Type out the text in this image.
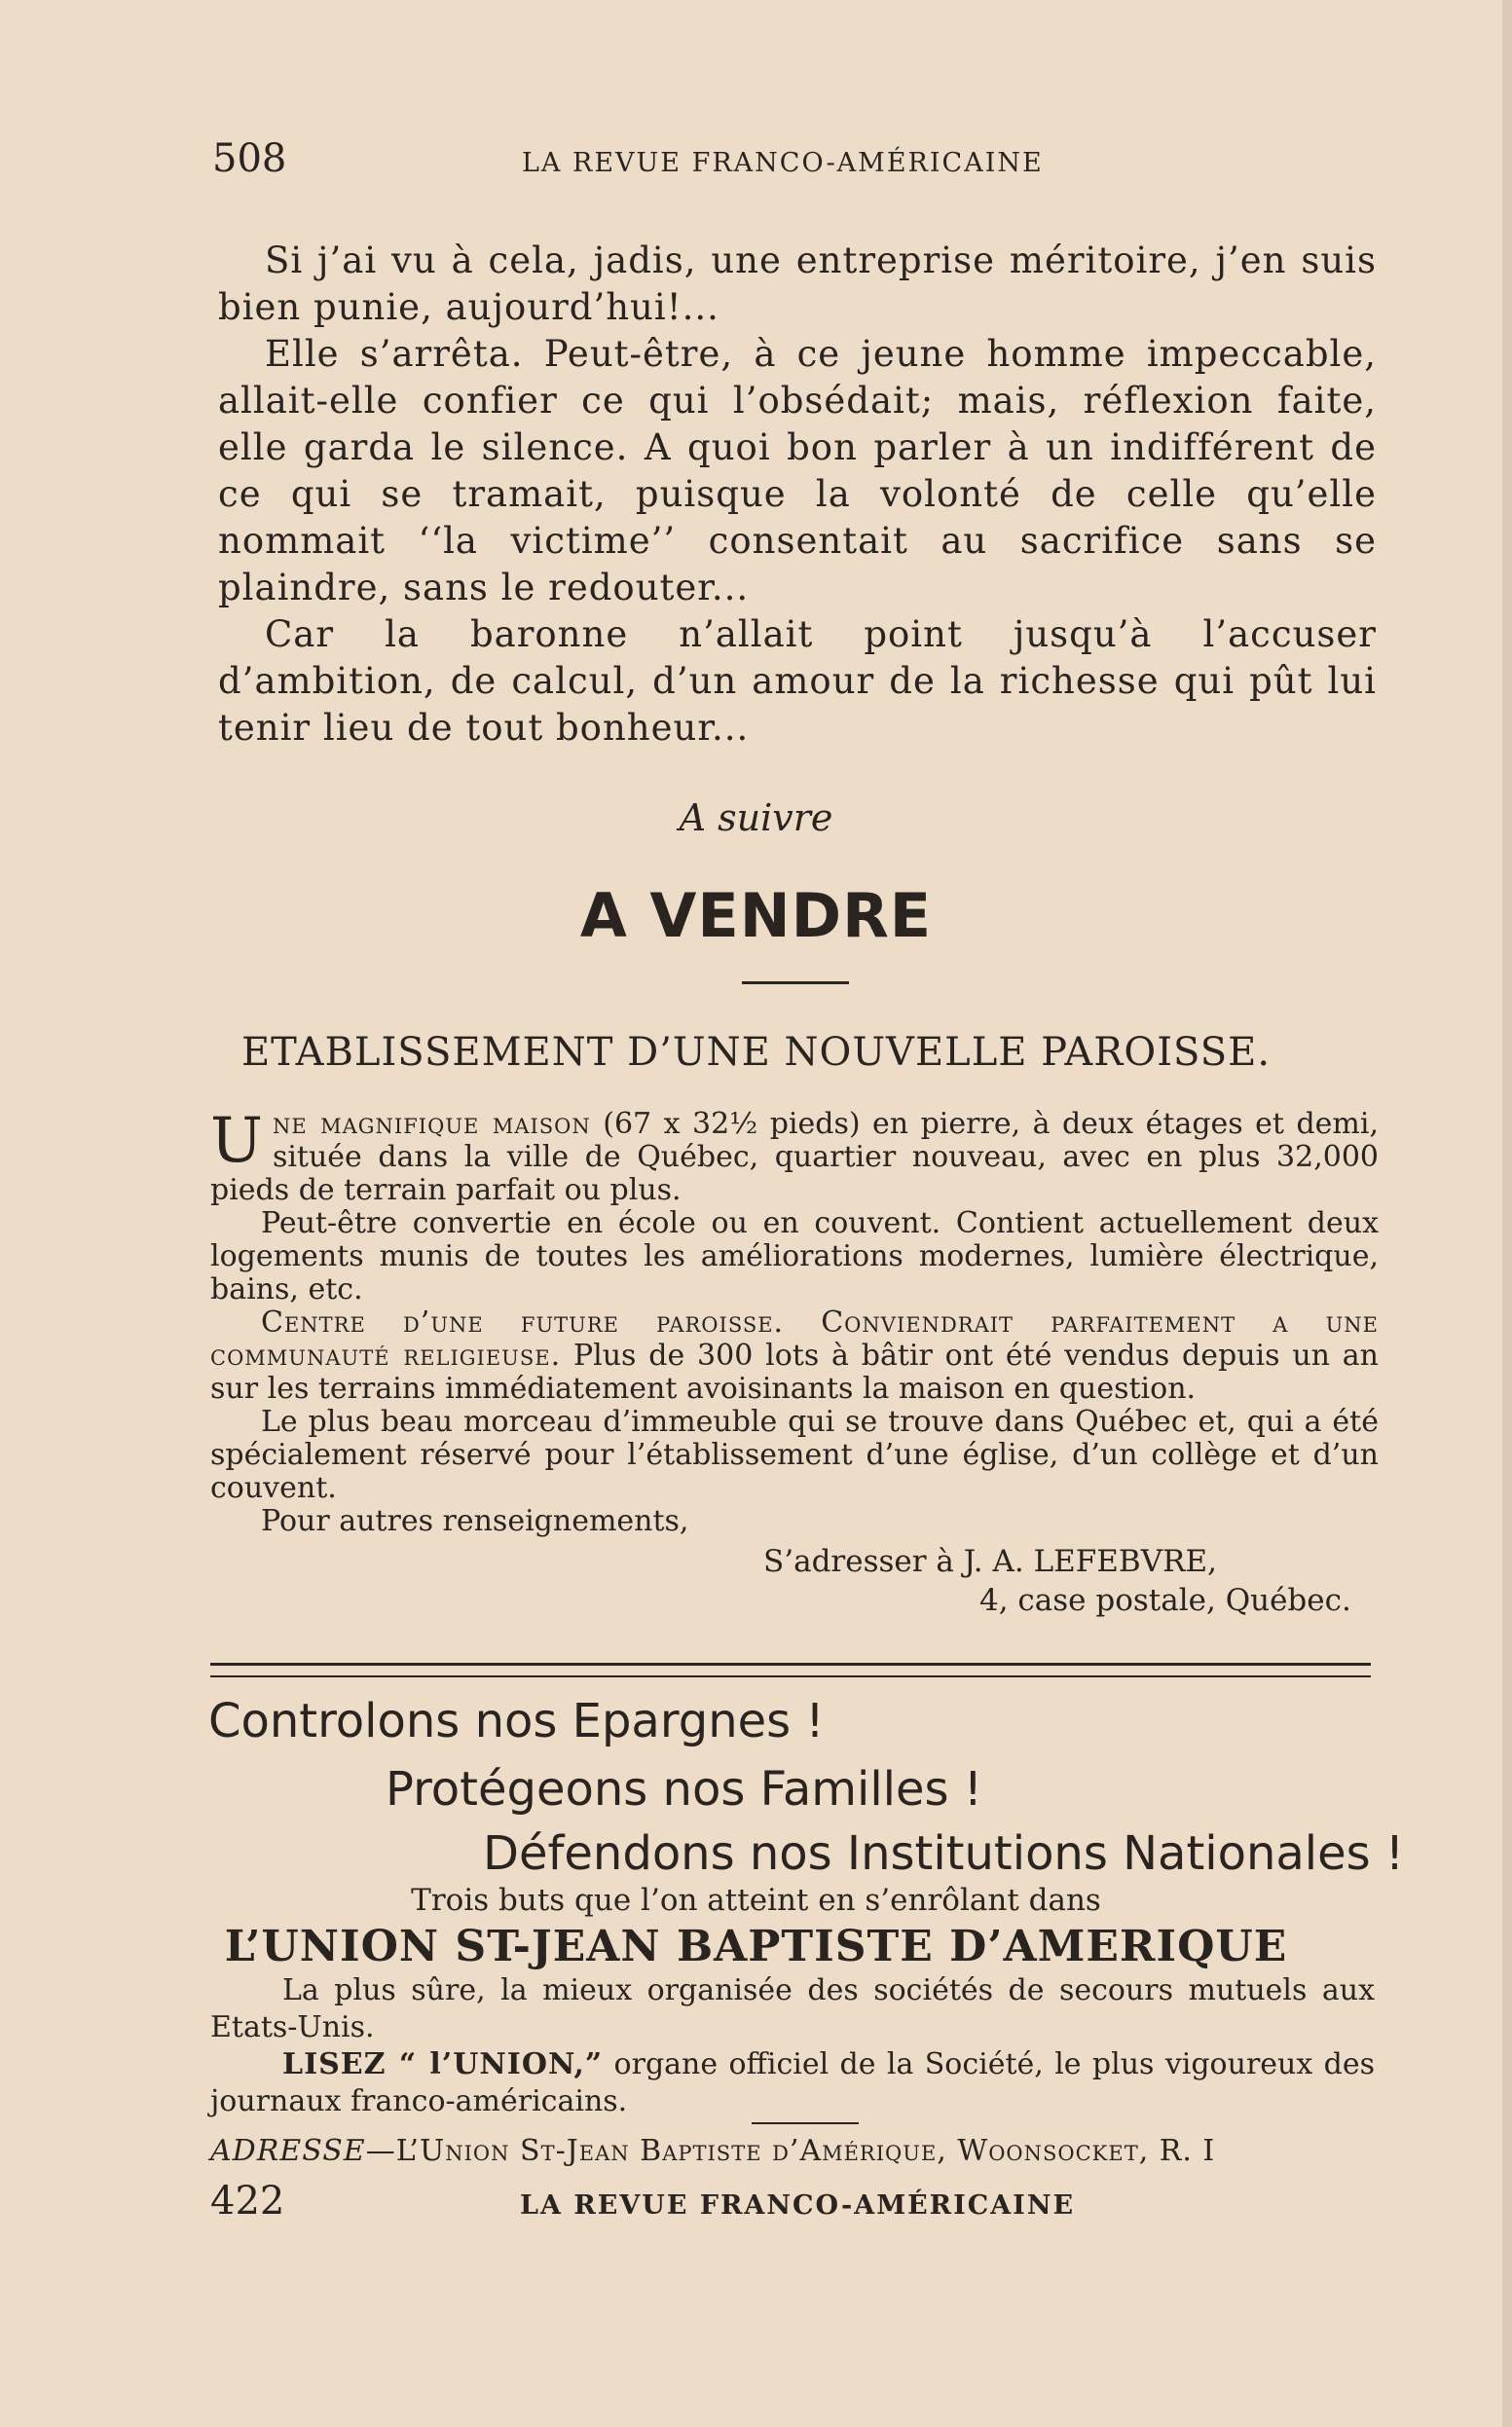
508	LA REVUE FRANCO-AMÉRICAINE

Si j’ai vu à cela, jadis, une entreprise méritoire, j’en suis bien punie, aujourd’hui!...

Elle s’arrêta. Peut-être, à ce jeune homme impeccable, allait-elle confier ce qui l’obsédait; mais, réflexion faite, elle garda le silence. A quoi bon parler à un indifférent de ce qui se tramait, puisque la volonté de celle qu’elle nommait ‘‘la victime’’ consentait au sacrifice sans se plaindre, sans le redouter...

Car la baronne n’allait point jusqu’à l’accuser d’ambition, de calcul, d’un amour de la richesse qui pût lui tenir lieu de tout bonheur...

A suivre
A VENDRE
ETABLISSEMENT D’UNE NOUVELLE PAROISSE.

Une magnifique maison (67 x 32½ pieds) en pierre, à deux étages et demi, située dans la ville de Québec, quartier nouveau, avec en plus 32,000 pieds de terrain parfait ou plus.

Peut-être convertie en école ou en couvent. Contient actuellement deux logements munis de toutes les améliorations modernes, lumière électrique, bains, etc.

Centre d’une future paroisse. Conviendrait parfaitement a une communauté religieuse. Plus de 300 lots à bâtir ont été vendus depuis un an sur les terrains immédiatement avoisinants la maison en question.

Le plus beau morceau d’immeuble qui se trouve dans Québec et, qui a été spécialement réservé pour l’établissement d’une église, d’un collège et d’un couvent.

Pour autres renseignements,

S’adresser à J. A. LEFEBVRE,
4, case postale, Québec.
Controlons nos Epargnes !
Protégeons nos Familles !
Défendons nos Institutions Nationales !
Trois buts que l’on atteint en s’enrôlant dans
L’UNION ST-JEAN BAPTISTE D’AMERIQUE

La plus sûre, la mieux organisée des sociétés de secours mutuels aux Etats-Unis.

LISEZ “ l’UNION,” organe officiel de la Société, le plus vigoureux des journaux franco-américains.

ADRESSE—L’Union St-Jean Baptiste d’Amérique, Woonsocket, R. I
422	LA REVUE FRANCO-AMÉRICAINE
